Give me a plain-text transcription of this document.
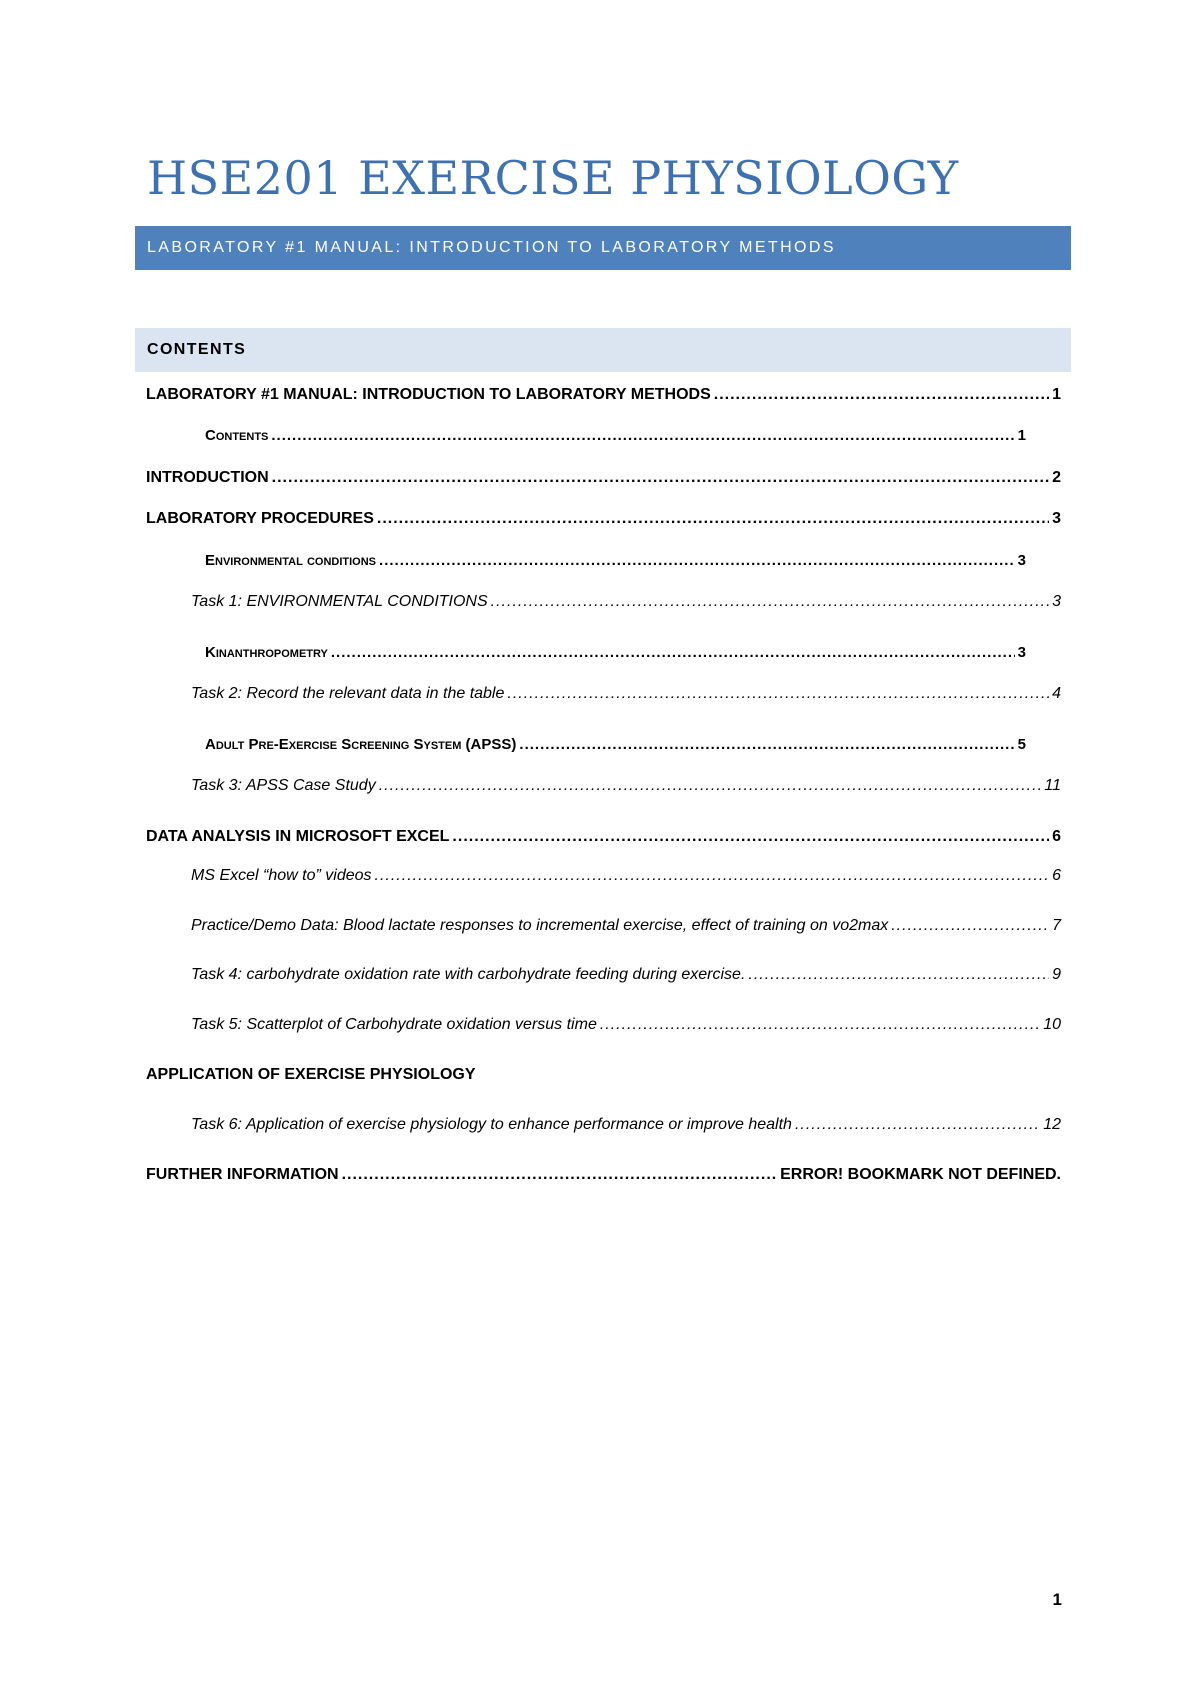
HSE201 EXERCISE PHYSIOLOGY
LABORATORY #1 MANUAL: INTRODUCTION TO LABORATORY METHODS
CONTENTS
LABORATORY #1 MANUAL: INTRODUCTION TO LABORATORY METHODS .....	1
Contents .....	1
INTRODUCTION .....	2
LABORATORY PROCEDURES .....	3
Environmental conditions .....	3
Task 1: ENVIRONMENTAL CONDITIONS .....	3
Kinanthropometry .....	3
Task 2: Record the relevant data in the table .....	4
Adult Pre-Exercise Screening System (APSS) .....	5
Task 3: APSS Case Study .....	11
DATA ANALYSIS IN MICROSOFT EXCEL .....	6
MS Excel “how to” videos .....	6
Practice/Demo Data: Blood lactate responses to incremental exercise, effect of training on vo2max .....	7
Task 4: carbohydrate oxidation rate with carbohydrate feeding during exercise. .....	9
Task 5: Scatterplot of Carbohydrate oxidation versus time .....	10
APPLICATION OF EXERCISE PHYSIOLOGY
Task 6: Application of exercise physiology to enhance performance or improve health .....	12
FURTHER INFORMATION .....	ERROR! BOOKMARK NOT DEFINED.
1
